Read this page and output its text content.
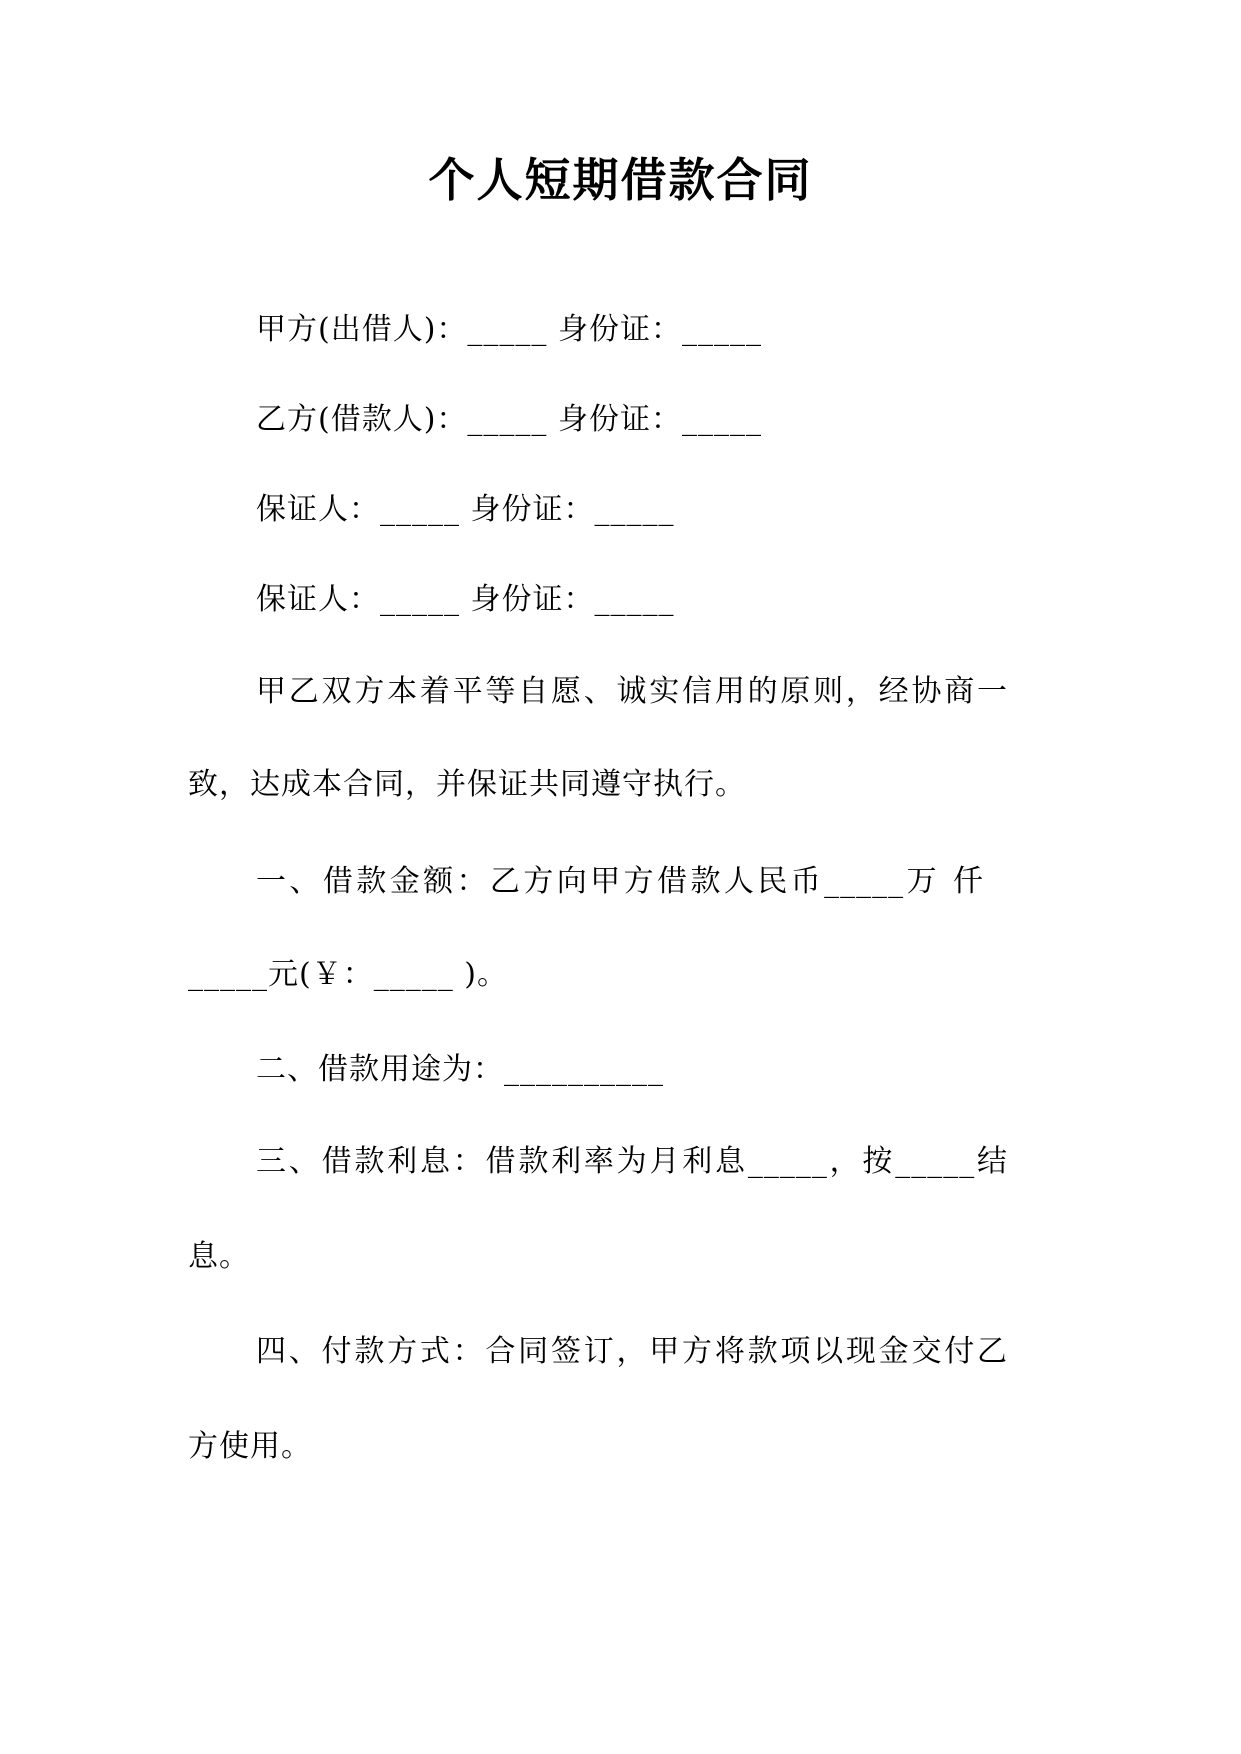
个人短期借款合同
甲方(出借人)：_____ 身份证：_____
乙方(借款人)：_____ 身份证：_____
保证人：_____ 身份证：_____
保证人：_____ 身份证：_____
甲乙双方本着平等自愿、诚实信用的原则，经协商一
致，达成本合同，并保证共同遵守执行。
一、借款金额：乙方向甲方借款人民币_____万 仟
_____元(￥：_____ )。
二、借款用途为：__________
三、借款利息：借款利率为月利息_____，按_____结
息。
四、付款方式：合同签订，甲方将款项以现金交付乙
方使用。
